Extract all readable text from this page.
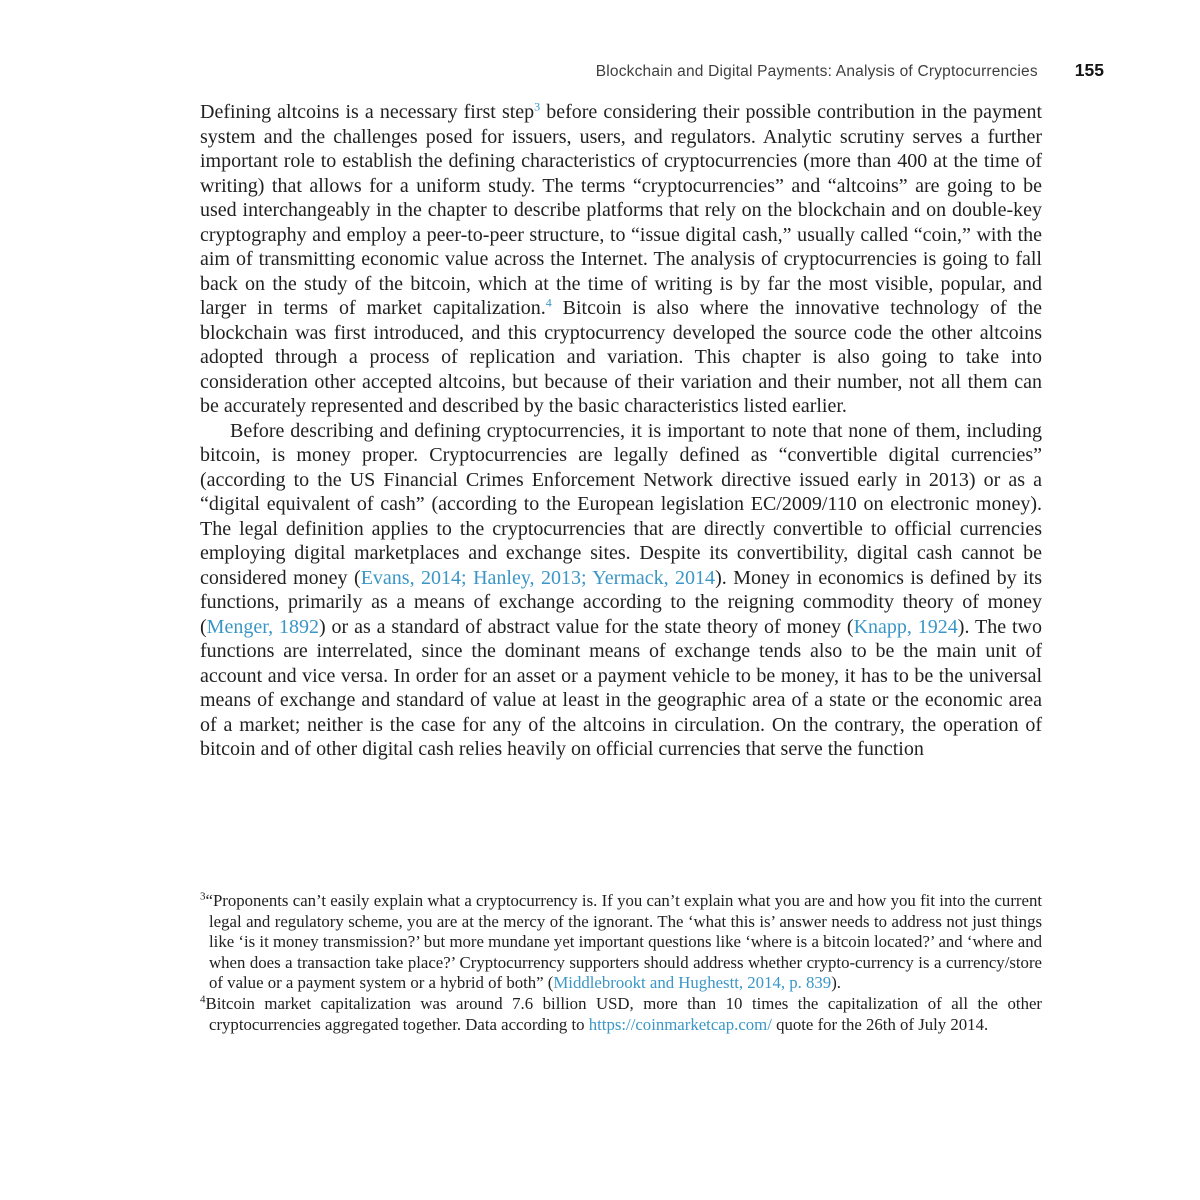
Blockchain and Digital Payments: Analysis of Cryptocurrencies 155

Defining altcoins is a necessary first step$^3$ before considering their possible contribution in the payment system and the challenges posed for issuers, users, and regulators. Analytic scrutiny serves a further important role to establish the defining characteristics of cryptocurrencies (more than 400 at the time of writing) that allows for a uniform study. The terms “cryptocurrencies” and “altcoins” are going to be used interchangeably in the chapter to describe platforms that rely on the blockchain and on double-key cryptography and employ a peer-to-peer structure, to “issue digital cash,” usually called “coin,” with the aim of transmitting economic value across the Internet. The analysis of cryptocurrencies is going to fall back on the study of the bitcoin, which at the time of writing is by far the most visible, popular, and larger in terms of market capitalization.$^4$ Bitcoin is also where the innovative technology of the blockchain was first introduced, and this cryptocurrency developed the source code the other altcoins adopted through a process of replication and variation. This chapter is also going to take into consideration other accepted altcoins, but because of their variation and their number, not all them can be accurately represented and described by the basic characteristics listed earlier.

Before describing and defining cryptocurrencies, it is important to note that none of them, including bitcoin, is money proper. Cryptocurrencies are legally defined as “convertible digital currencies” (according to the US Financial Crimes Enforcement Network directive issued early in 2013) or as a “digital equivalent of cash” (according to the European legislation EC/2009/110 on electronic money). The legal definition applies to the cryptocurrencies that are directly convertible to official currencies employing digital marketplaces and exchange sites. Despite its convertibility, digital cash cannot be considered money (Evans, 2014; Hanley, 2013; Yermack, 2014). Money in economics is defined by its functions, primarily as a means of exchange according to the reigning commodity theory of money (Menger, 1892) or as a standard of abstract value for the state theory of money (Knapp, 1924). The two functions are interrelated, since the dominant means of exchange tends also to be the main unit of account and vice versa. In order for an asset or a payment vehicle to be money, it has to be the universal means of exchange and standard of value at least in the geographic area of a state or the economic area of a market; neither is the case for any of the altcoins in circulation. On the contrary, the operation of bitcoin and of other digital cash relies heavily on official currencies that serve the function

$^3$“Proponents can’t easily explain what a cryptocurrency is. If you can’t explain what you are and how you fit into the current legal and regulatory scheme, you are at the mercy of the ignorant. The ‘what this is’ answer needs to address not just things like ‘is it money transmission?’ but more mundane yet important questions like ‘where is a bitcoin located?’ and ‘where and when does a transaction take place?’ Cryptocurrency supporters should address whether crypto-currency is a currency/store of value or a payment system or a hybrid of both” (Middlebrookt and Hughestt, 2014, p. 839).

$^4$Bitcoin market capitalization was around 7.6 billion USD, more than 10 times the capitalization of all the other cryptocurrencies aggregated together. Data according to https://coinmarketcap.com/ quote for the 26th of July 2014.
